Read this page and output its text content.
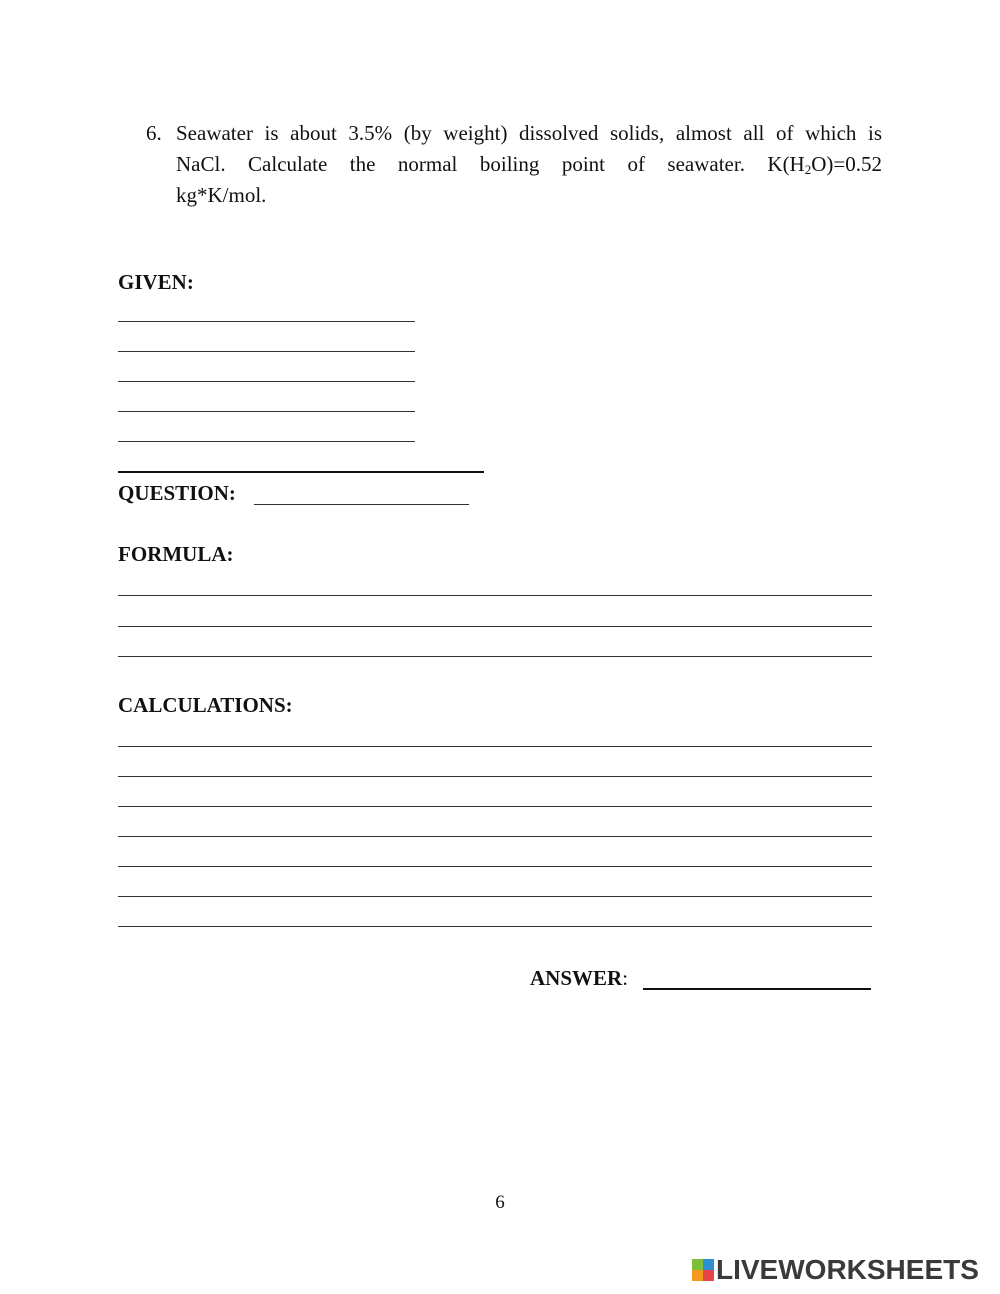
6. Seawater is about 3.5% (by weight) dissolved solids, almost all of which is
NaCl. Calculate the normal boiling point of seawater. $K(H_2O)=0.52$
kg*K/mol.
GIVEN:
QUESTION:
FORMULA:
CALCULATIONS:
ANSWER:
6
LIVEWORKSHEETS
